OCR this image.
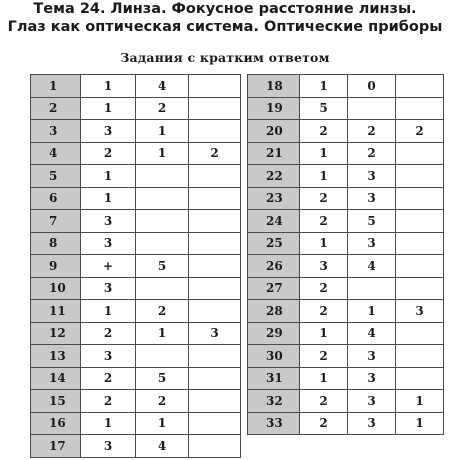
Тема 24. Линза. Фокусное расстояние линзы.
Глаз как оптическая система. Оптические приборы
Задания с кратким ответом
1	1	4	
2	1	2	
3	3	1	
4	2	1	2
5	1		
6	1		
7	3		
8	3		
9	+	5	
10	3		
11	1	2	
12	2	1	3
13	3		
14	2	5	
15	2	2	
16	1	1	
17	3	4	
18	1	0	
19	5		
20	2	2	2
21	1	2	
22	1	3	
23	2	3	
24	2	5	
25	1	3	
26	3	4	
27	2		
28	2	1	3
29	1	4	
30	2	3	
31	1	3	
32	2	3	1
33	2	3	1
